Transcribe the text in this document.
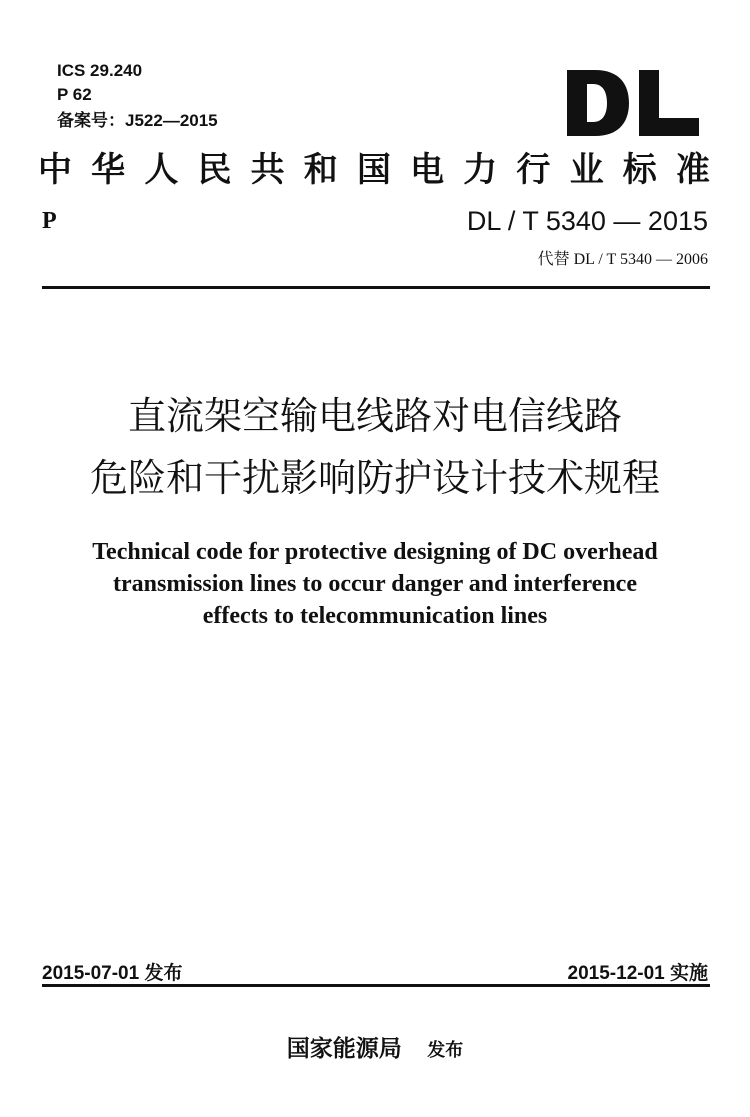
ICS 29.240
P 62
备案号：J522—2015
中 华 人 民 共 和 国 电 力 行 业 标 准
P	DL / T 5340 — 2015
代替 DL / T 5340 — 2006
直流架空输电线路对电信线路
危险和干扰影响防护设计技术规程
Technical code for protective designing of DC overhead
transmission lines to occur danger and interference
effects to telecommunication lines
2015-07-01 发布	2015-12-01 实施
国家能源局 发布
